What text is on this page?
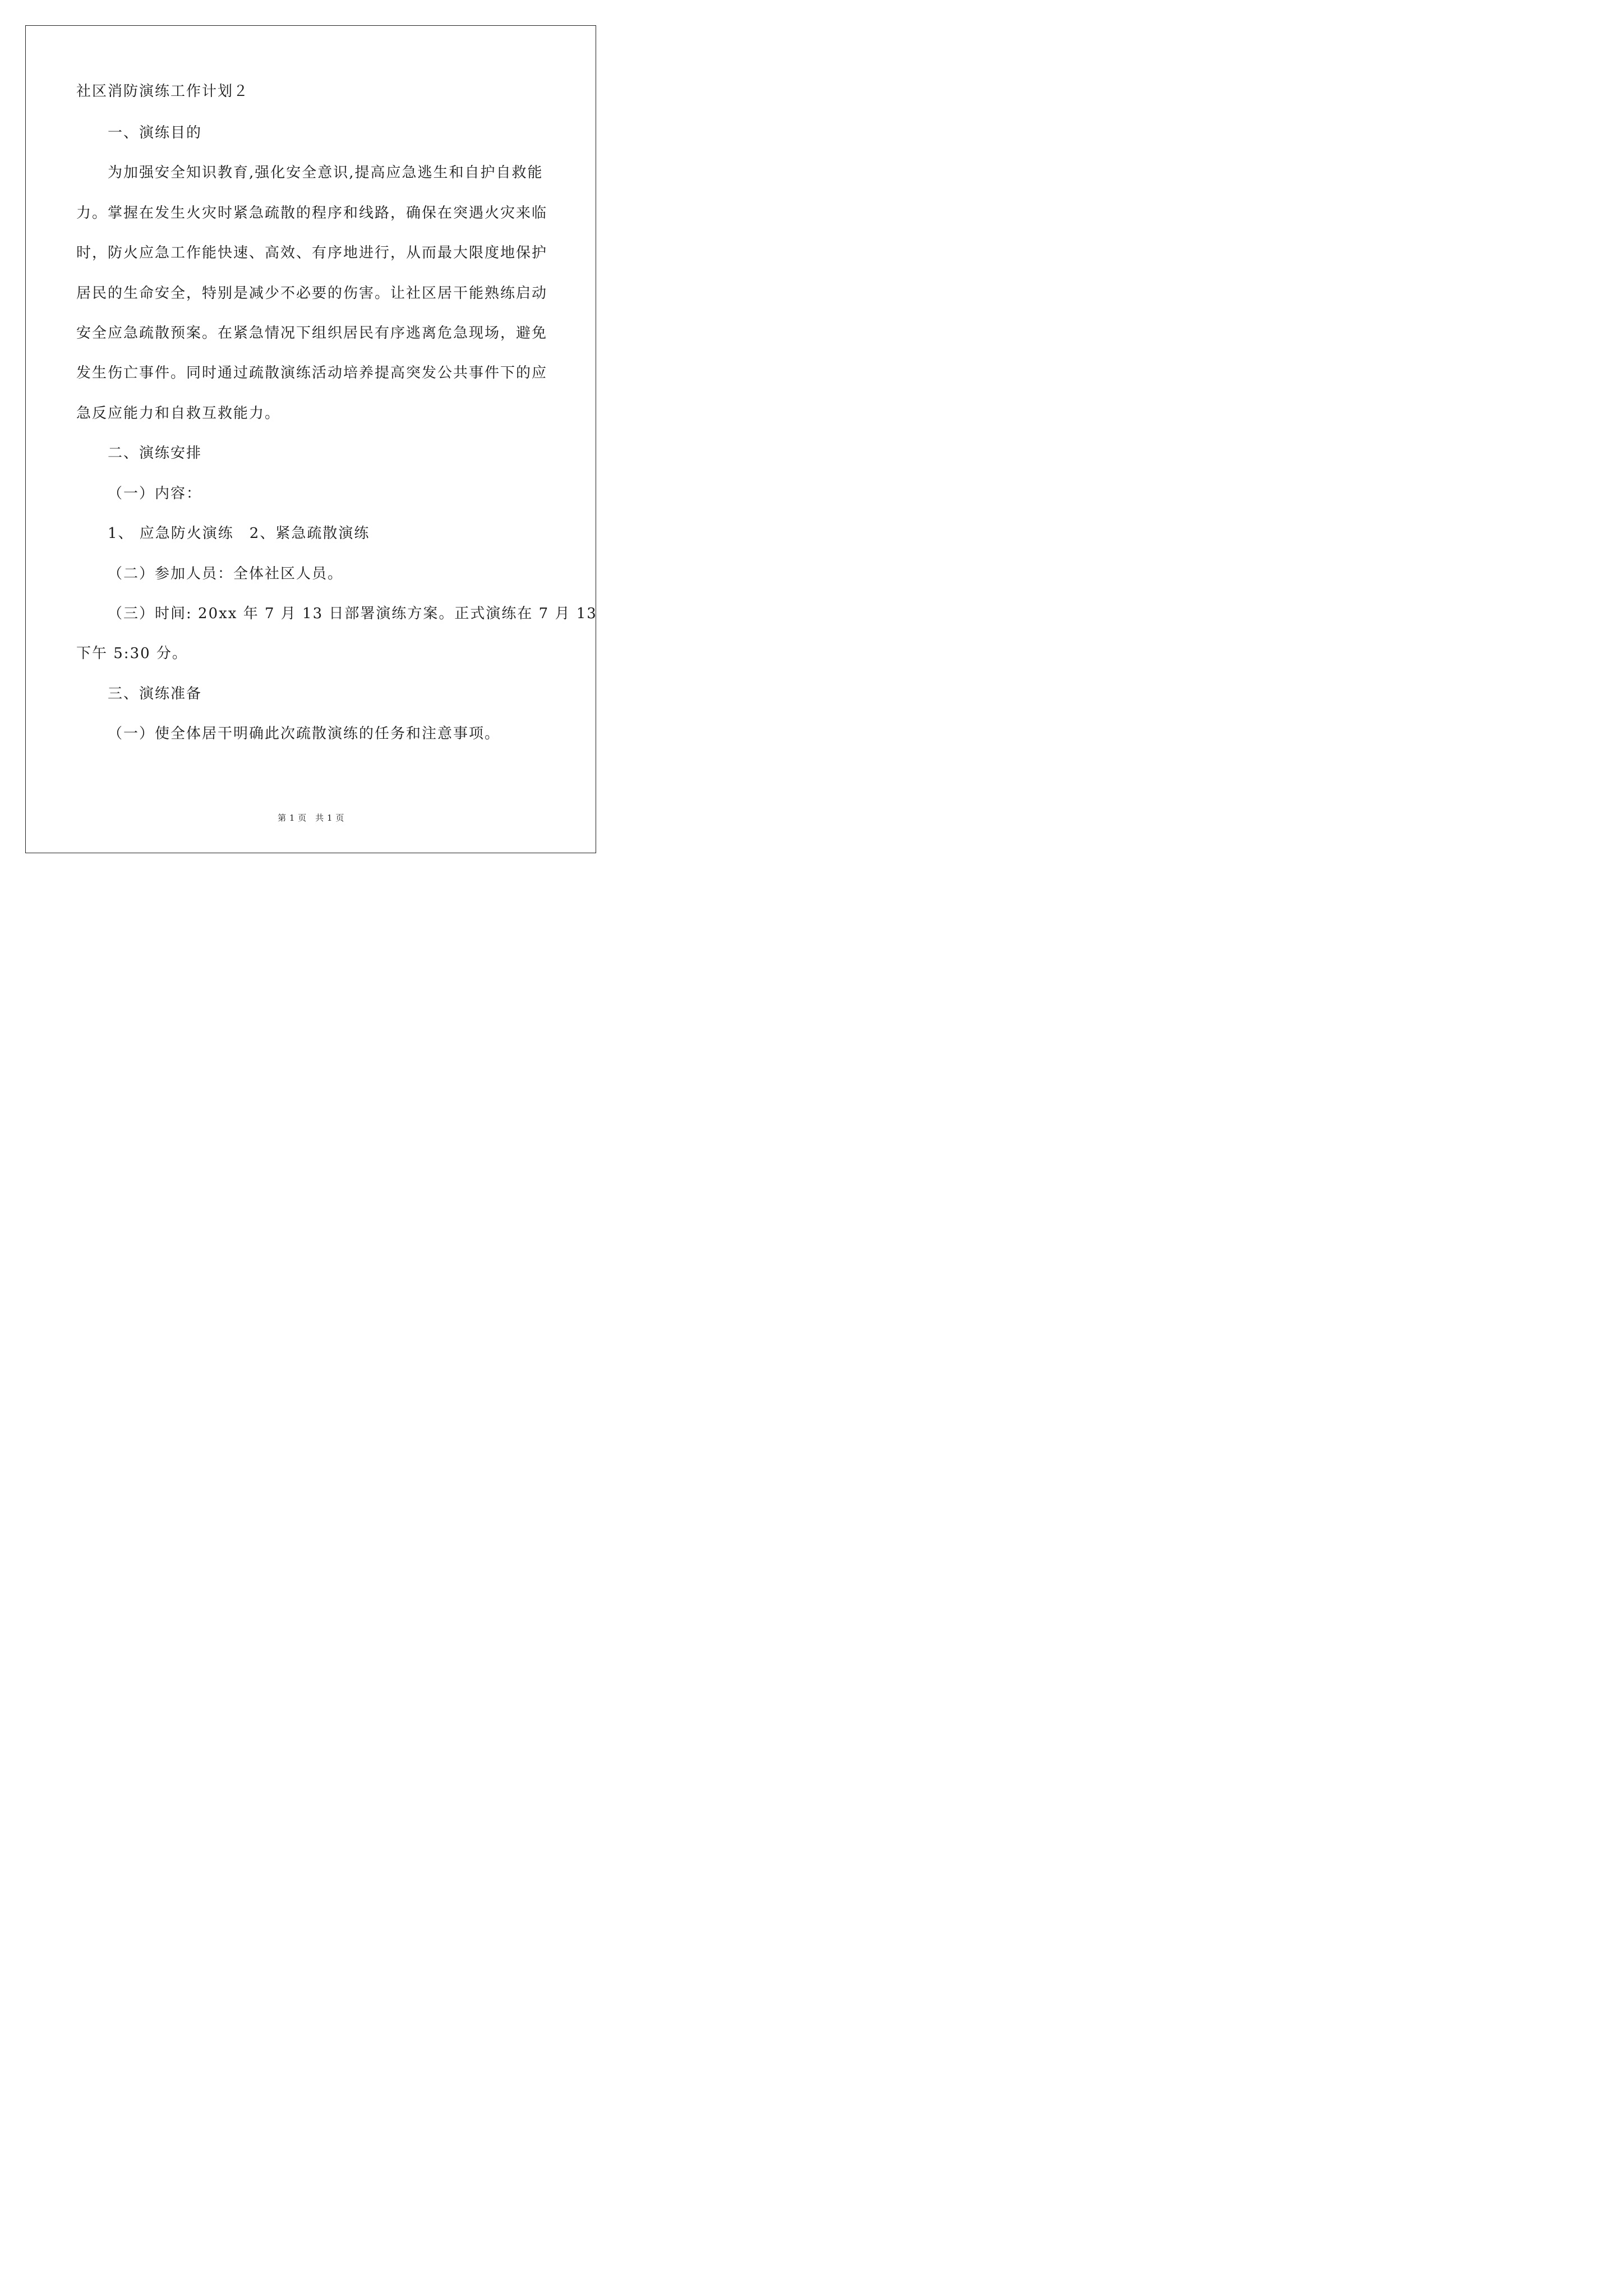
社区消防演练工作计划２
一、演练目的
为加强安全知识教育,强化安全意识,提高应急逃生和自护自救能
力。掌握在发生火灾时紧急疏散的程序和线路，确保在突遇火灾来临
时，防火应急工作能快速、高效、有序地进行，从而最大限度地保护
居民的生命安全，特别是减少不必要的伤害。让社区居干能熟练启动
安全应急疏散预案。在紧急情况下组织居民有序逃离危急现场，避免
发生伤亡事件。同时通过疏散演练活动培养提高突发公共事件下的应
急反应能力和自救互救能力。
二、演练安排
（一）内容：
1、 应急防火演练　2、紧急疏散演练
（二）参加人员：全体社区人员。
（三）时间: 20xx 年 7 月 13 日部署演练方案。正式演练在 7 月 13
下午 5:30 分。
三、演练准备
（一）使全体居干明确此次疏散演练的任务和注意事项。
第 1 页　共 1 页
